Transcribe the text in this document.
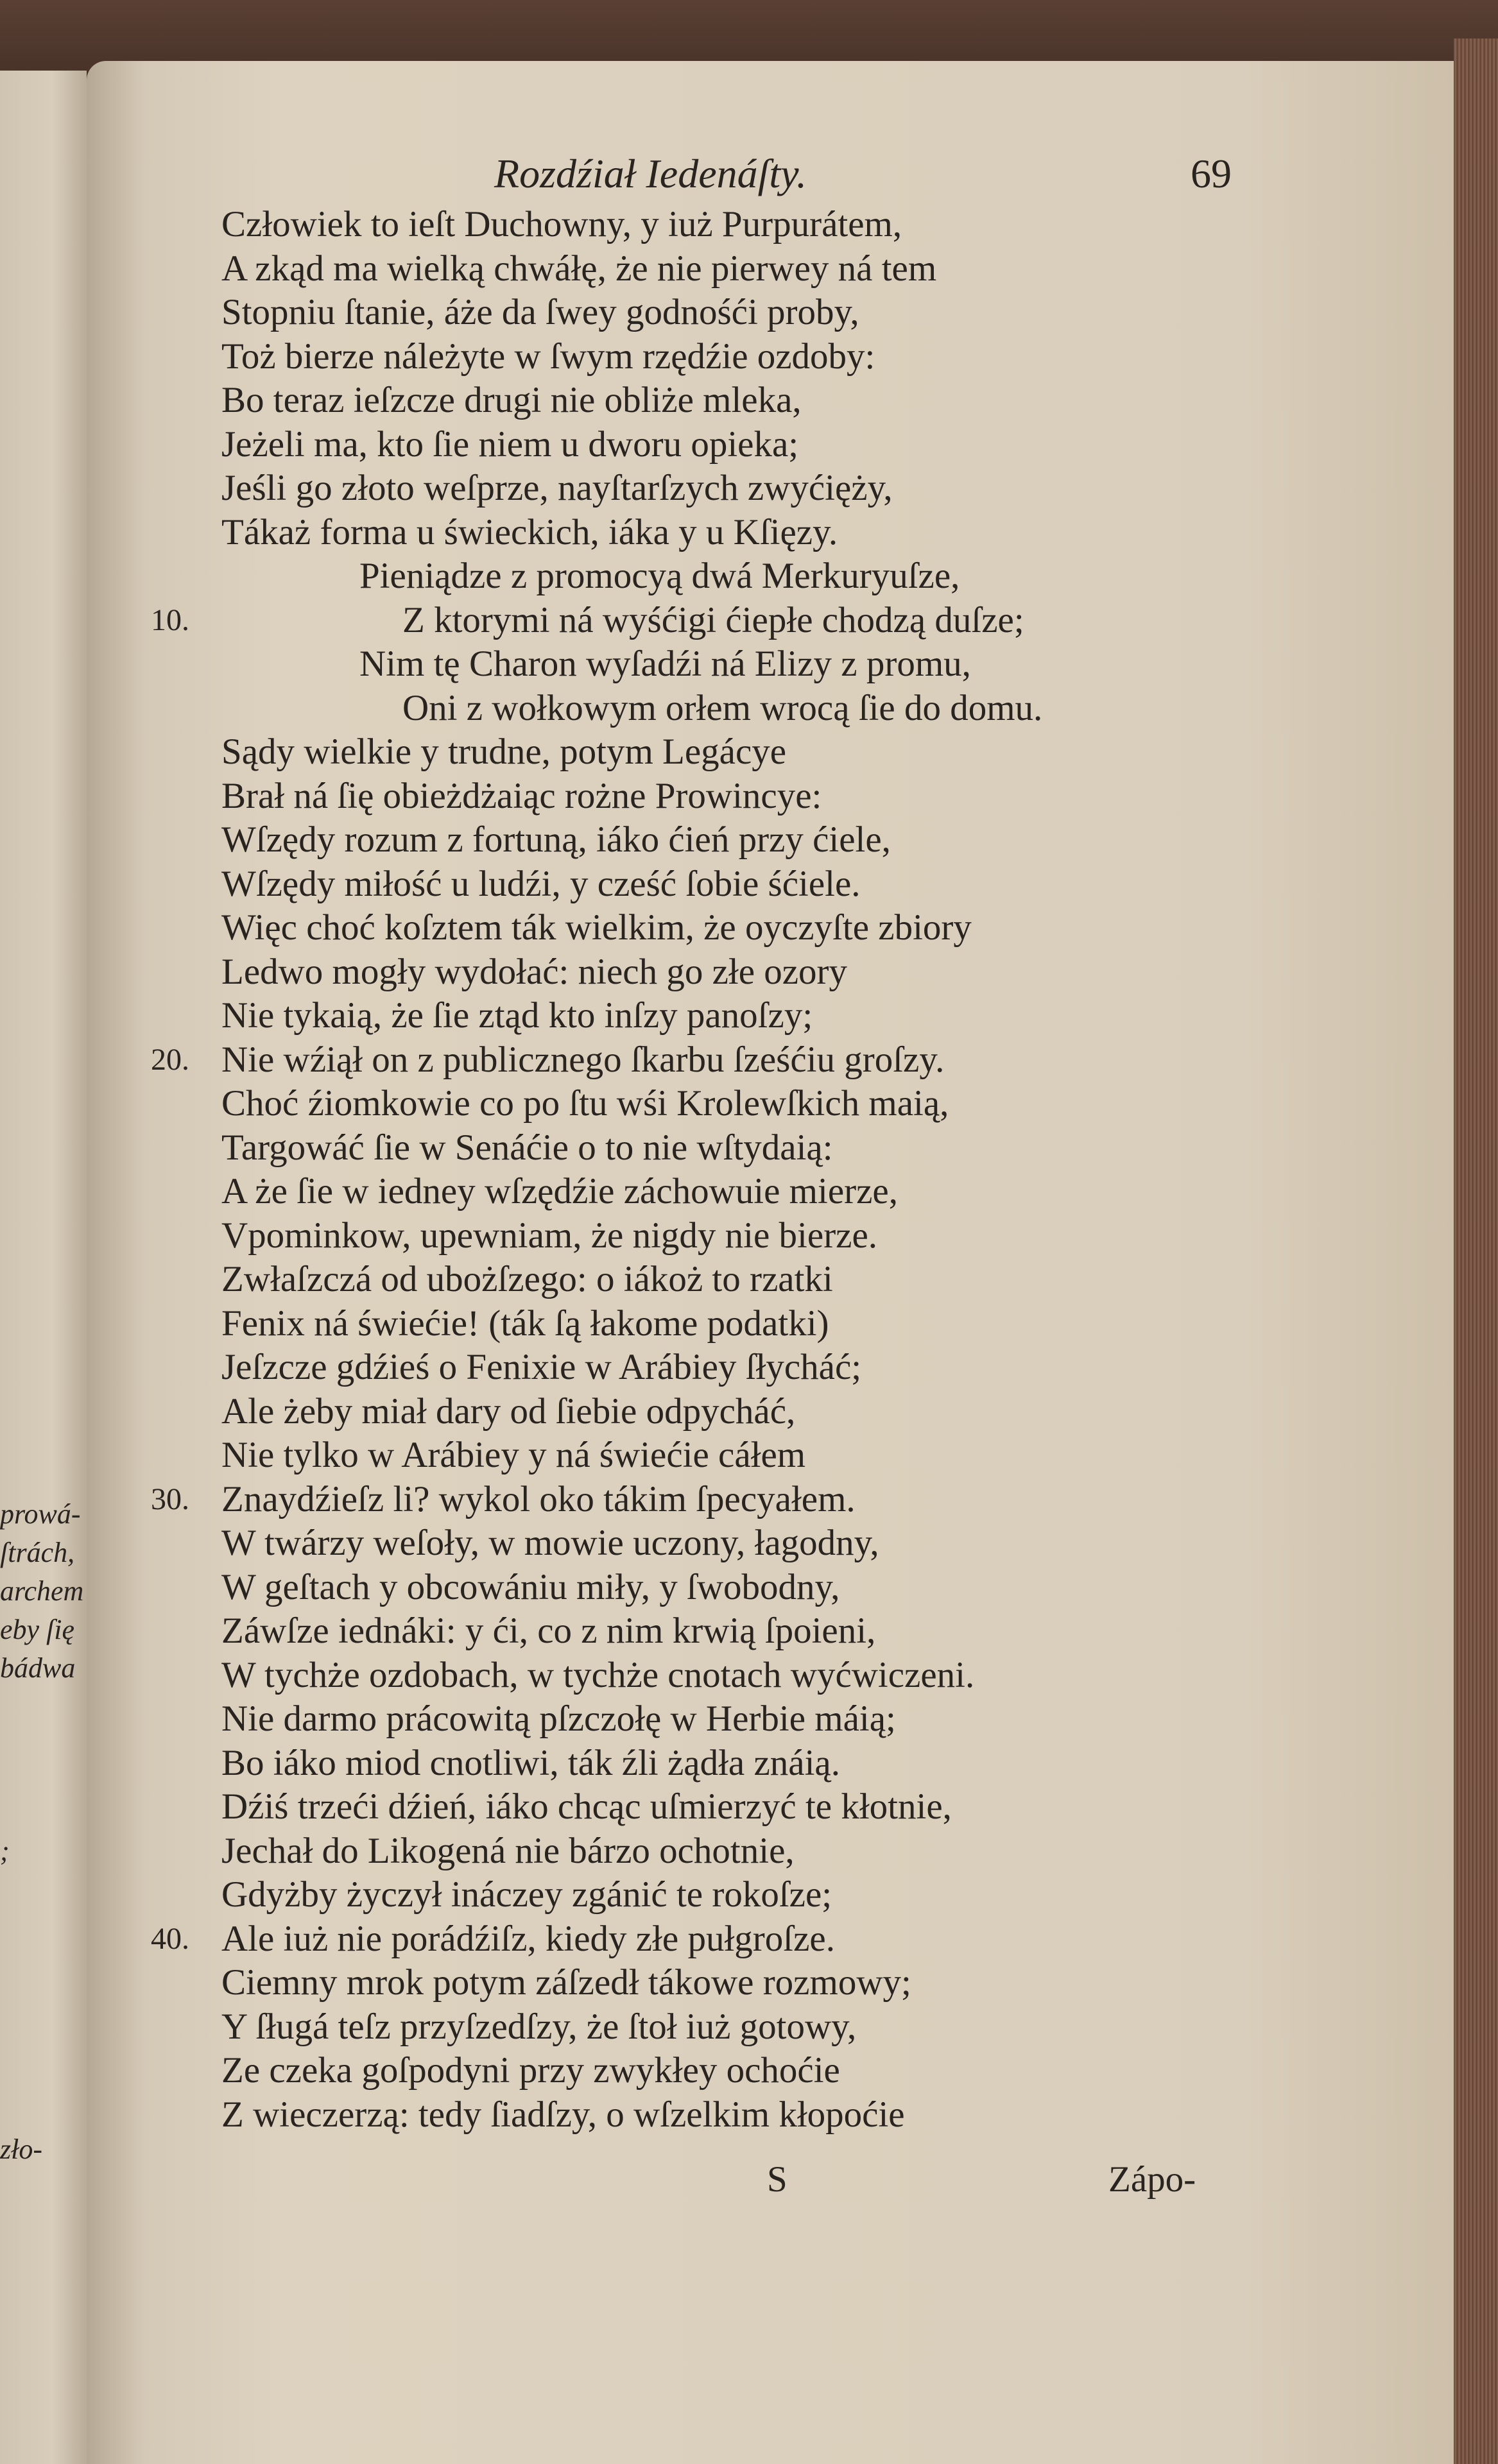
prowá-
ſtrách,
archem
eby ſię
bádwa
;
zło-
Rozdźiał Iedenáſty.	69
Człowiek to ieſt Duchowny, y iuż Purpurátem,
A zkąd ma wielką chwáłę, że nie pierwey ná tem
Stopniu ſtanie, áże da ſwey godnośći proby,
Toż bierze náleżyte w ſwym rzędźie ozdoby:
Bo teraz ieſzcze drugi nie obliże mleka,
Jeżeli ma, kto ſie niem u dworu opieka;
Jeśli go złoto weſprze, nayſtarſzych zwyćięży,
Tákaż forma u świeckich, iáka y u Kſięzy.
Pieniądze z promocyą dwá Merkuryuſze,
10.	Z ktorymi ná wyśćigi ćiepłe chodzą duſze;
Nim tę Charon wyſadźi ná Elizy z promu,
Oni z wołkowym orłem wrocą ſie do domu.
Sądy wielkie y trudne, potym Legácye
Brał ná ſię obieżdżaiąc rożne Prowincye:
Wſzędy rozum z fortuną, iáko ćień przy ćiele,
Wſzędy miłość u ludźi, y cześć ſobie śćiele.
Więc choć koſztem ták wielkim, że oyczyſte zbiory
Ledwo mogły wydołać: niech go złe ozory
Nie tykaią, że ſie ztąd kto inſzy panoſzy;
20. Nie wźiął on z publicznego ſkarbu ſześćiu groſzy.
Choć źiomkowie co po ſtu wśi Krolewſkich maią,
Targowáć ſie w Senáćie o to nie wſtydaią:
A że ſie w iedney wſzędźie záchowuie mierze,
Vpominkow, upewniam, że nigdy nie bierze.
Zwłaſzczá od ubożſzego: o iákoż to rzatki
Fenix ná świećie! (ták ſą łakome podatki)
Jeſzcze gdźieś o Fenixie w Arábiey ſłycháć;
Ale żeby miał dary od ſiebie odpycháć,
Nie tylko w Arábiey y ná świećie cáłem
30. Znaydźieſz li? wykol oko tákim ſpecyałem.
W twárzy weſoły, w mowie uczony, łagodny,
W geſtach y obcowániu miły, y ſwobodny,
Záwſze iednáki: y ći, co z nim krwią ſpoieni,
W tychże ozdobach, w tychże cnotach wyćwiczeni.
Nie darmo prácowitą pſzczołę w Herbie máią;
Bo iáko miod cnotliwi, ták źli żądła znáią.
Dźiś trzeći dźień, iáko chcąc uſmierzyć te kłotnie,
Jechał do Likogená nie bárzo ochotnie,
Gdyżby życzył ináczey zgánić te rokoſze;
40. Ale iuż nie porádźiſz, kiedy złe pułgroſze.
Ciemny mrok potym záſzedł tákowe rozmowy;
Y ſługá teſz przyſzedſzy, że ſtoł iuż gotowy,
Ze czeka goſpodyni przy zwykłey ochoćie
Z wieczerzą: tedy ſiadſzy, o wſzelkim kłopoćie
S	Zápo-
